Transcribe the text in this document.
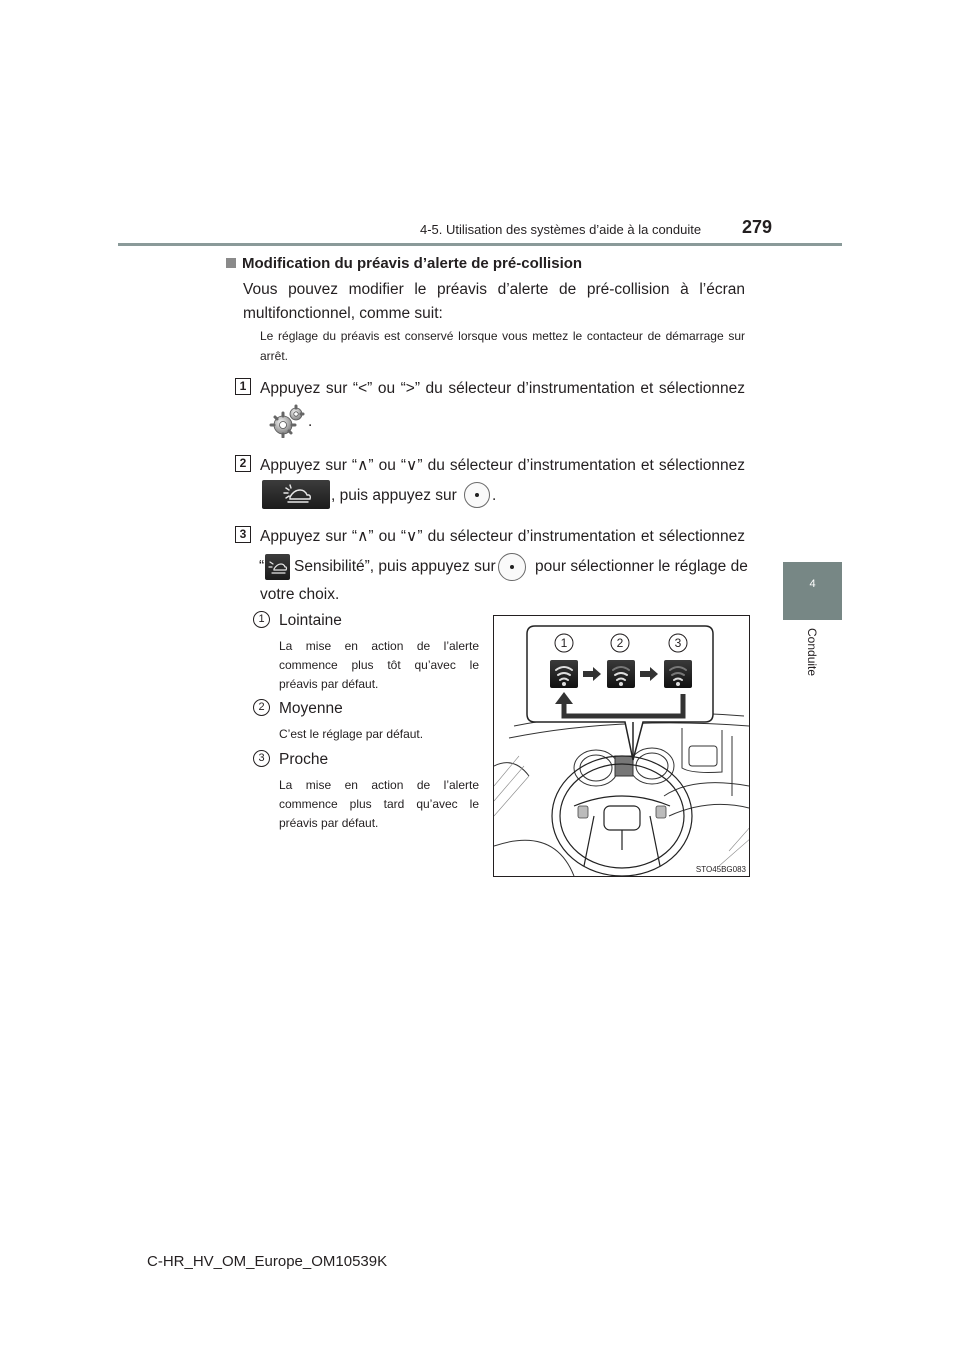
4-5. Utilisation des systèmes d’aide à la conduite 279
4
Conduite
Modification du préavis d’alerte de pré-collision
Vous pouvez modifier le préavis d’alerte de pré-collision à l’écran multifonctionnel, comme suit:
Le réglage du préavis est conservé lorsque vous mettez le contacteur de démarrage sur arrêt.
1 Appuyez sur “<” ou “>” du sélecteur d’instrumentation et sélectionnez
.
2 Appuyez sur “∧” ou “∨” du sélecteur d’instrumentation et sélectionnez
, puis appuyez sur .
3 Appuyez sur “∧” ou “∨” du sélecteur d’instrumentation et sélectionnez
“ Sensibilité”, puis appuyez sur	pour sélectionner le réglage de
votre choix.
1 Lointaine
La mise en action de l’alerte commence plus tôt qu’avec le préavis par défaut.
2 Moyenne
C’est le réglage par défaut.
3 Proche
La mise en action de l’alerte commence plus tard qu’avec le préavis par défaut.
1	2	3
STO45BG083
C-HR_HV_OM_Europe_OM10539K
